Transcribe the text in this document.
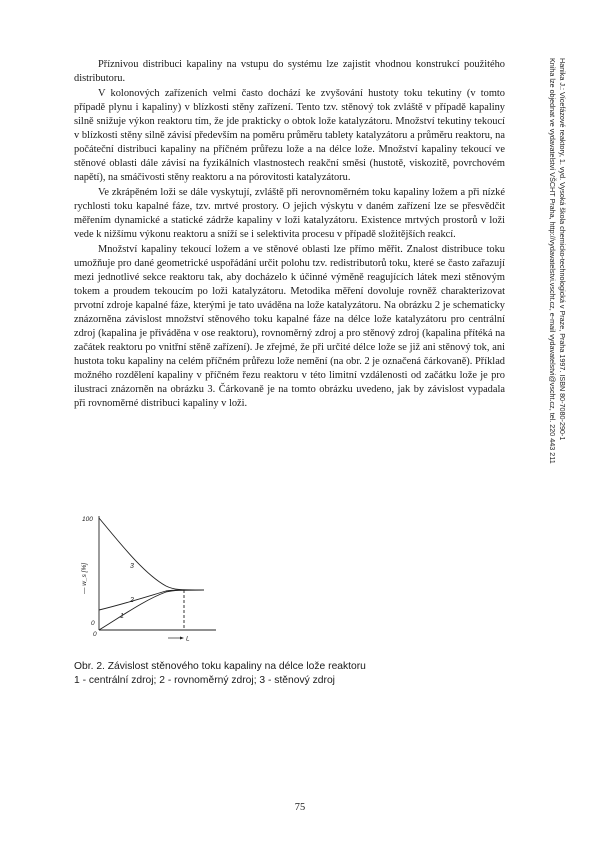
Příznivou distribuci kapaliny na vstupu do systému lze zajistit vhodnou konstrukcí použitého distributoru.

V kolonových zařízeních velmi často dochází ke zvyšování hustoty toku tekutiny (v tomto případě plynu i kapaliny) v blízkosti stěny zařízení. Tento tzv. stěnový tok zvláště v případě kapaliny silně snižuje výkon reaktoru tím, že jde prakticky o obtok lože katalyzátoru. Množství tekutiny tekoucí v blízkosti stěny silně závisí především na poměru průměru tablety katalyzátoru a průměru reaktoru, na počáteční distribuci kapaliny na příčném průřezu lože a na délce lože. Množství kapaliny tekoucí ve stěnové oblasti dále závisí na fyzikálních vlastnostech reakční směsi (hustotě, viskozitě, povrchovém napětí), na smáčivosti stěny reaktoru a na pórovitosti katalyzátoru.

Ve zkrápěném loži se dále vyskytují, zvláště při nerovnoměrném toku kapaliny ložem a při nízké rychlosti toku kapalné fáze, tzv. mrtvé prostory. O jejich výskytu v daném zařízení lze se přesvědčit měřením dynamické a statické zádrže kapaliny v loži katalyzátoru. Existence mrtvých prostorů v loži vede k nižšímu výkonu reaktoru a sníží se i selektivita procesu v případě složitějších reakcí.

Množství kapaliny tekoucí ložem a ve stěnové oblasti lze přímo měřit. Znalost distribuce toku umožňuje pro dané geometrické uspořádání určit polohu tzv. redistributorů toku, které se často zařazují mezi jednotlivé sekce reaktoru tak, aby docházelo k účinné výměně reagujících látek mezi stěnovým tokem a proudem tekoucím po loži katalyzátoru. Metodika měření dovoluje rovněž charakterizovat prvotní zdroje kapalné fáze, kterými je tato uváděna na lože katalyzátoru. Na obrázku 2 je schematicky znázorněna závislost množství stěnového toku kapalné fáze na délce lože katalyzátoru pro centrální zdroj (kapalina je přiváděna v ose reaktoru), rovnoměrný zdroj a pro stěnový zdroj (kapalina přítéká na začátek reaktoru po vnitřní stěně zařízení). Je zřejmé, že při určité délce lože se již ani stěnový tok, ani hustota toku kapaliny na celém příčném průřezu lože nemění (na obr. 2 je označená čárkovaně). Příklad možného rozdělení kapaliny v příčném řezu reaktoru v této limitní vzdálenosti od začátku lože je pro ilustraci znázorněn na obrázku 3. Čárkovaně je na tomto obrázku uvedeno, jak by závislost vypadala při rovnoměrné distribuci kapaliny v loži.	Hanika J.: Vícefázové reaktory, 1. vyd. Vysoká škola chemicko-technologická v Praze, Praha 1997. ISBN 80-7080-290-1
Kniha lze objednat ve vydavatelství VŠCHT Praha, http://vydavatelstvi.vscht.cz, e-mail vydavatelstvi@vscht.cz, tel. 220 443 211
L
100
0
0
— w_s [%]	3
2
1
Obr. 2. Závislost stěnového toku kapaliny na délce lože reaktoru
1 - centrální zdroj; 2 - rovnoměrný zdroj; 3 - stěnový zdroj
75
